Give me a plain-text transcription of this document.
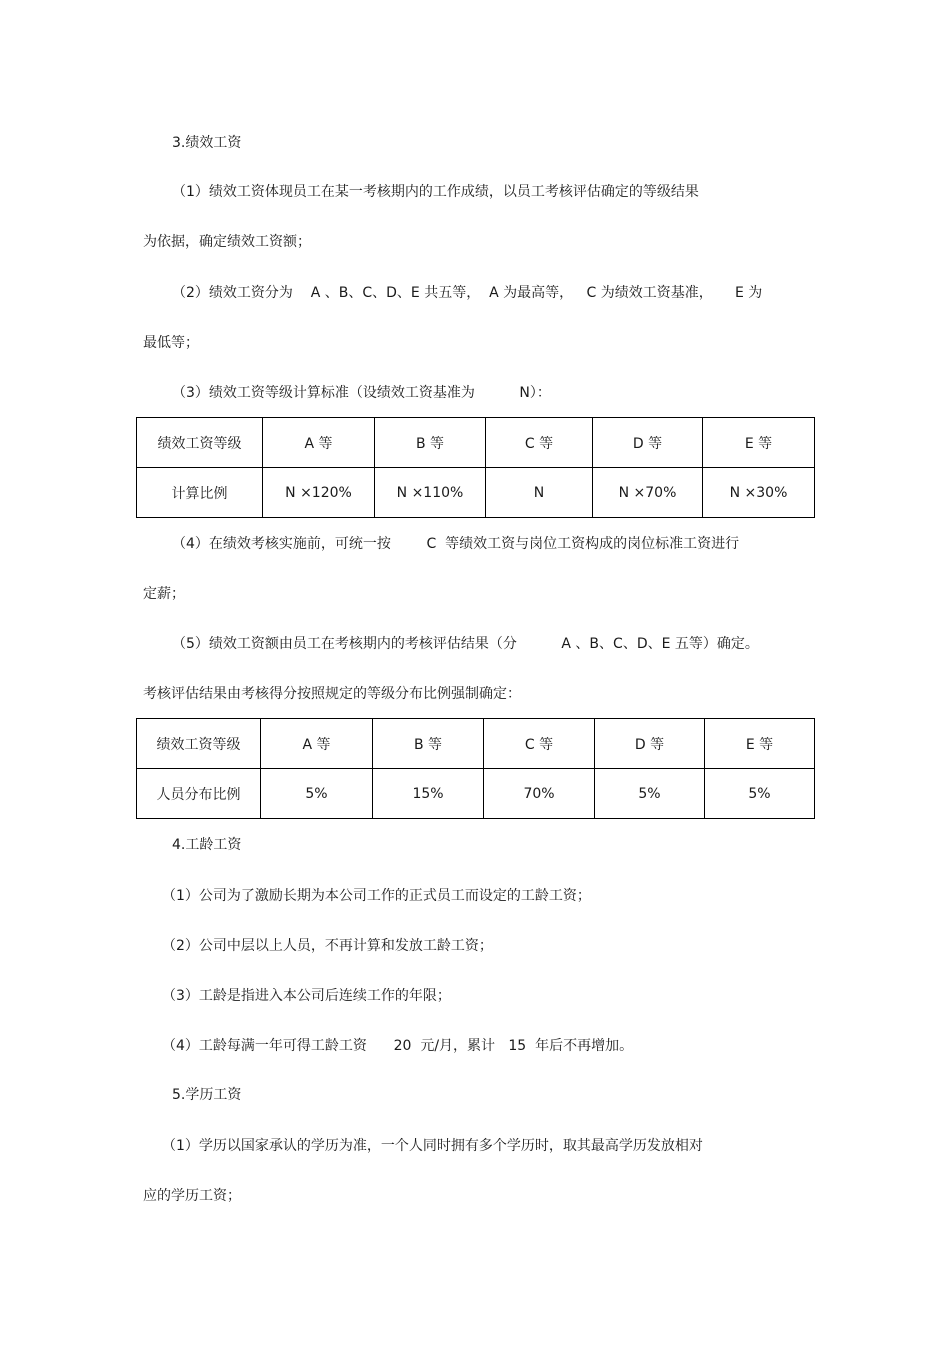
3.绩效工资
（1）绩效工资体现员工在某一考核期内的工作成绩，以员工考核评估确定的等级结果
为依据，确定绩效工资额；
（2）绩效工资分为    A 、B、C、D、E 共五等，  A 为最高等，   C 为绩效工资基准，     E 为
最低等；
（3）绩效工资等级计算标准（设绩效工资基准为          N）：
绩效工资等级	A 等	B 等	C 等	D 等	E 等
计算比例	N ×120%	N ×110%	N	N ×70%	N ×30%
（4）在绩效考核实施前，可统一按        C  等绩效工资与岗位工资构成的岗位标准工资进行
定薪；
（5）绩效工资额由员工在考核期内的考核评估结果（分          A 、B、C、D、E 五等）确定。
考核评估结果由考核得分按照规定的等级分布比例强制确定：
绩效工资等级	A 等	B 等	C 等	D 等	E 等
人员分布比例	5%	15%	70%	5%	5%
4.工龄工资
（1）公司为了激励长期为本公司工作的正式员工而设定的工龄工资；
（2）公司中层以上人员，不再计算和发放工龄工资；
（3）工龄是指进入本公司后连续工作的年限；
（4）工龄每满一年可得工龄工资      20  元/月，累计   15  年后不再增加。
5.学历工资
（1）学历以国家承认的学历为准，一个人同时拥有多个学历时，取其最高学历发放相对
应的学历工资；
